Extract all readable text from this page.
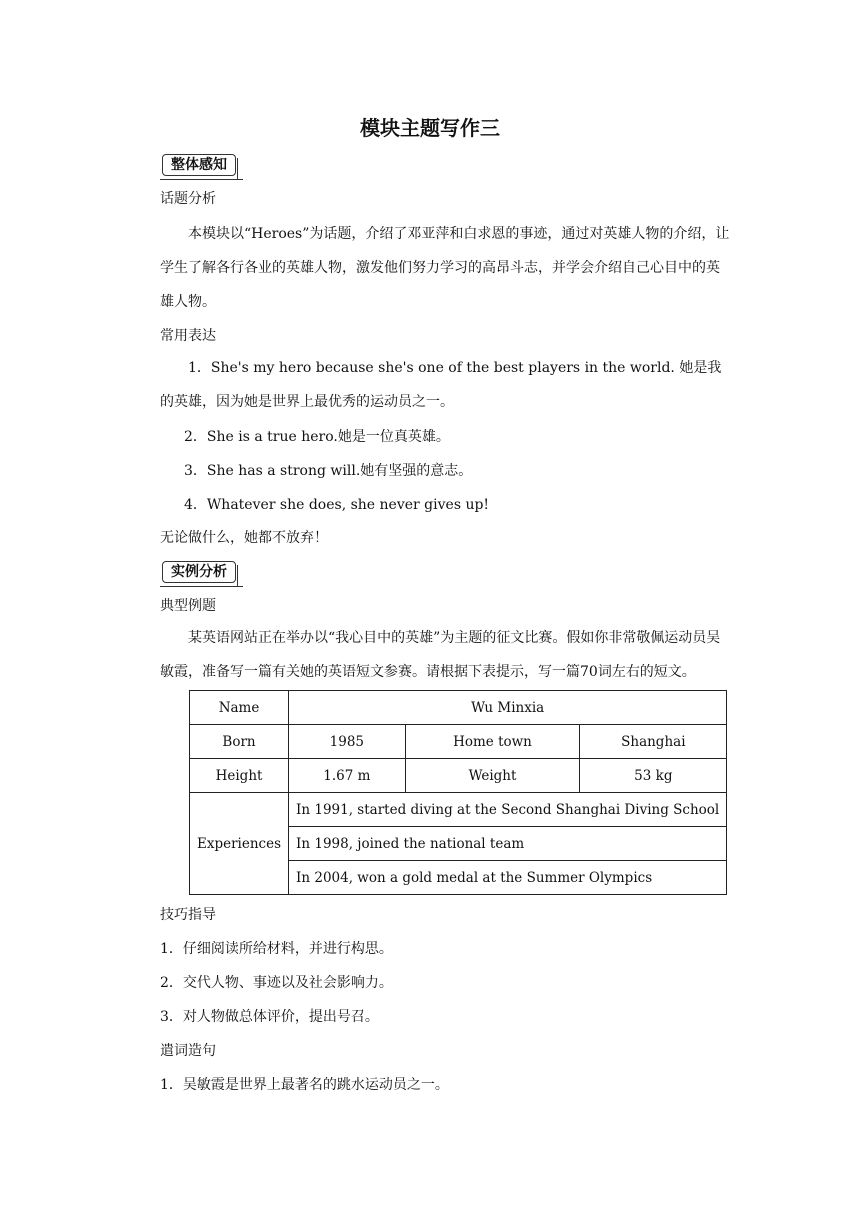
模块主题写作三
整体感知
话题分析
本模块以“Heroes”为话题，介绍了邓亚萍和白求恩的事迹，通过对英雄人物的介绍，让学生了解各行各业的英雄人物，激发他们努力学习的高昂斗志，并学会介绍自己心目中的英雄人物。
常用表达
1．She's my hero because she's one of the best players in the world. 她是我的英雄，因为她是世界上最优秀的运动员之一。
2．She is a true hero.她是一位真英雄。
3．She has a strong will.她有坚强的意志。
4．Whatever she does, she never gives up!
无论做什么，她都不放弃！
实例分析
典型例题
某英语网站正在举办以“我心目中的英雄”为主题的征文比赛。假如你非常敬佩运动员吴敏霞，准备写一篇有关她的英语短文参赛。请根据下表提示，写一篇70词左右的短文。
Name	Wu Minxia		
Born	1985	Home town	Shanghai
Height	1.67 m	Weight	53 kg
Experiences	In 1991, started diving at the Second Shanghai Diving School		
	In 1998, joined the national team		
	In 2004, won a gold medal at the Summer Olympics		
技巧指导
1．仔细阅读所给材料，并进行构思。
2．交代人物、事迹以及社会影响力。
3．对人物做总体评价，提出号召。
遣词造句
1．吴敏霞是世界上最著名的跳水运动员之一。
